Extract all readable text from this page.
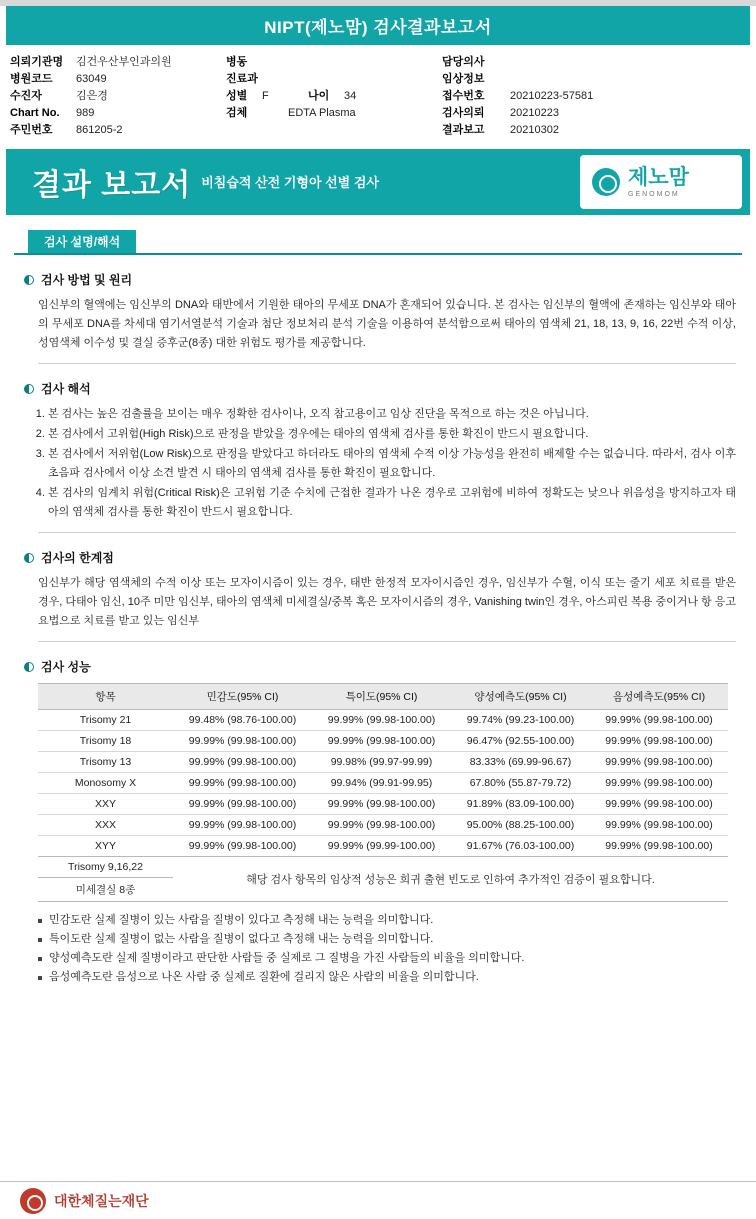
NIPT(제노맘) 검사결과보고서
의뢰기관명	김건우산부인과의원
병원코드	63049
수진자	김은경
Chart No.	989
주민번호	861205-2
병동
진료과
성별	F	나이	34
검체	EDTA Plasma
담당의사
임상정보
접수번호	20210223-57581
검사의뢰	20210223
결과보고	20210302
결과 보고서 비침습적 산전 기형아 선별 검사	제노맘
GENOMOM
검사 설명/해석
검사 방법 및 원리

임신부의 혈액에는 임신부의 DNA와 태반에서 기원한 태아의 무세포 DNA가 혼재되어 있습니다. 본 검사는 임신부의 혈액에 존재하는 임신부와 태아의 무세포 DNA를 차세대 염기서열분석 기술과 첨단 정보처리 분석 기술을 이용하여 분석함으로써 태아의 염색체 21, 18, 13, 9, 16, 22번 수적 이상, 성염색체 이수성 및 결실 증후군(8종) 대한 위험도 평가를 제공합니다.

검사 해석
1. 본 검사는 높은 검출률을 보이는 매우 정확한 검사이나, 오직 참고용이고 임상 진단을 목적으로 하는 것은 아닙니다.
2. 본 검사에서 고위험(High Risk)으로 판정을 받았을 경우에는 태아의 염색체 검사를 통한 확진이 반드시 필요합니다.
3. 본 검사에서 저위험(Low Risk)으로 판정을 받았다고 하더라도 태아의 염색체 수적 이상 가능성을 완전히 배제할 수는 없습니다. 따라서, 검사 이후 초음파 검사에서 이상 소견 발견 시 태아의 염색체 검사를 통한 확진이 필요합니다.
4. 본 검사의 임계치 위험(Critical Risk)은 고위험 기준 수치에 근접한 결과가 나온 경우로 고위험에 비하여 정확도는 낮으나 위음성을 방지하고자 태아의 염색체 검사를 통한 확진이 반드시 필요합니다.
검사의 한계점

임신부가 해당 염색체의 수적 이상 또는 모자이시즘이 있는 경우, 태반 한정적 모자이시즘인 경우, 임신부가 수혈, 이식 또는 줄기 세포 치료를 받은 경우, 다태아 임신, 10주 미만 임신부, 태아의 염색체 미세결실/중복 혹은 모자이시즘의 경우, Vanishing twin인 경우, 아스피린 복용 중이거나 항 응고 요법으로 치료를 받고 있는 임신부

검사 성능
항목	민감도(95% CI)	특이도(95% CI)	양성예측도(95% CI)	음성예측도(95% CI)
Trisomy 21	99.48% (98.76-100.00)	99.99% (99.98-100.00)	99.74% (99.23-100.00)	99.99% (99.98-100.00)
Trisomy 18	99.99% (99.98-100.00)	99.99% (99.98-100.00)	96.47% (92.55-100.00)	99.99% (99.98-100.00)
Trisomy 13	99.99% (99.98-100.00)	99.98% (99.97-99.99)	83.33% (69.99-96.67)	99.99% (99.98-100.00)
Monosomy X	99.99% (99.98-100.00)	99.94% (99.91-99.95)	67.80% (55.87-79.72)	99.99% (99.98-100.00)
XXY	99.99% (99.98-100.00)	99.99% (99.98-100.00)	91.89% (83.09-100.00)	99.99% (99.98-100.00)
XXX	99.99% (99.98-100.00)	99.99% (99.98-100.00)	95.00% (88.25-100.00)	99.99% (99.98-100.00)
XYY	99.99% (99.98-100.00)	99.99% (99.99-100.00)	91.67% (76.03-100.00)	99.99% (99.98-100.00)
Trisomy 9,16,22
미세결실 8종
해당 검사 항목의 임상적 성능은 희귀 출현 빈도로 인하여 추가적인 검증이 필요합니다.
민감도란 실제 질병이 있는 사람을 질병이 있다고 측정해 내는 능력을 의미합니다.
특이도란 실제 질병이 없는 사람을 질병이 없다고 측정해 내는 능력을 의미합니다.
양성예측도란 실제 질병이라고 판단한 사람들 중 실제로 그 질병을 가진 사람들의 비율을 의미합니다.
음성예측도란 음성으로 나온 사람 중 실제로 질환에 걸리지 않은 사람의 비율을 의미합니다.
대한체질는재단
